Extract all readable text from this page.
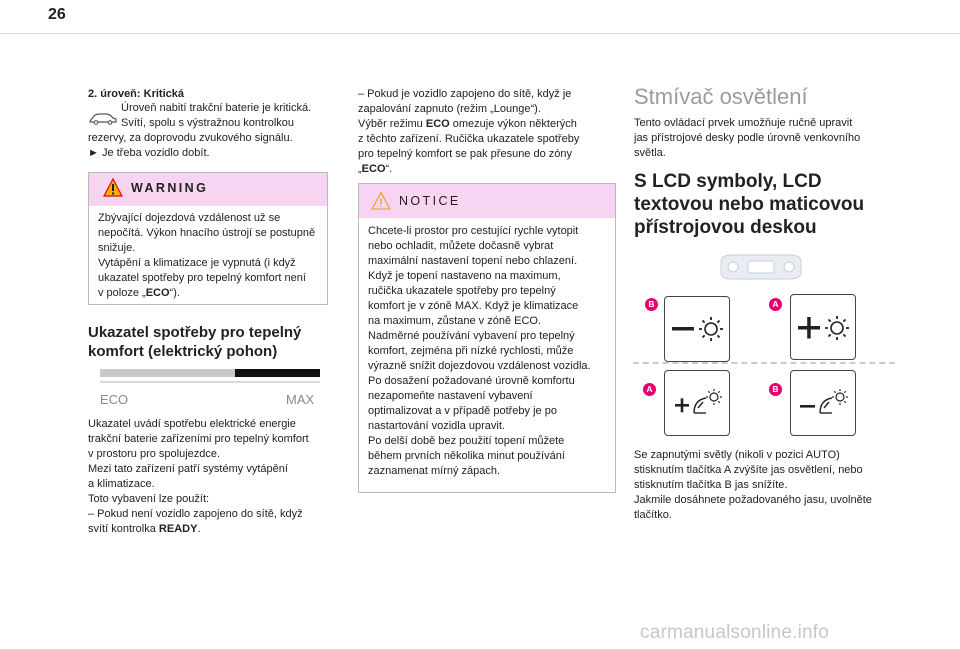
26
2. úroveň: Kritická
Úroveň nabití trakční baterie je kritická.
Svítí, spolu s výstražnou kontrolkou
rezervy, za doprovodu zvukového signálu.
► Je třeba vozidlo dobít.
WARNING
Zbývající dojezdová vzdálenost už se
nepočítá. Výkon hnacího ústrojí se postupně
snižuje.
Vytápění a klimatizace je vypnutá (i když
ukazatel spotřeby pro tepelný komfort není
v poloze „ECO“).
Ukazatel spotřeby pro tepelný
komfort (elektrický pohon)
ECO	MAX
Ukazatel uvádí spotřebu elektrické energie
trakční baterie zařízeními pro tepelný komfort
v prostoru pro spolujezdce.
Mezi tato zařízení patří systémy vytápění
a klimatizace.
Toto vybavení lze použít:
– Pokud není vozidlo zapojeno do sítě, když
svítí kontrolka READY.
– Pokud je vozidlo zapojeno do sítě, když je
zapalování zapnuto (režim „Lounge“).
Výběr režimu ECO omezuje výkon některých
z těchto zařízení. Ručička ukazatele spotřeby
pro tepelný komfort se pak přesune do zóny
„ECO“.
NOTICE
Chcete-li prostor pro cestující rychle vytopit
nebo ochladit, můžete dočasně vybrat
maximální nastavení topení nebo chlazení.
Když je topení nastaveno na maximum,
ručička ukazatele spotřeby pro tepelný
komfort je v zóně MAX. Když je klimatizace
na maximum, zůstane v zóně ECO.
Nadměrné používání vybavení pro tepelný
komfort, zejména při nízké rychlosti, může
výrazně snížit dojezdovou vzdálenost vozidla.
Po dosažení požadované úrovně komfortu
nezapomeňte nastavení vybavení
optimalizovat a v případě potřeby je po
nastartování vozidla upravit.
Po delší době bez použití topení můžete
během prvních několika minut používání
zaznamenat mírný zápach.
Stmívač osvětlení
Tento ovládací prvek umožňuje ručně upravit
jas přístrojové desky podle úrovně venkovního
světla.
S LCD symboly, LCD
textovou nebo maticovou
přístrojovou deskou
B	A
A	B
Se zapnutými světly (nikoli v pozici AUTO)
stisknutím tlačítka A zvýšíte jas osvětlení, nebo
stisknutím tlačítka B jas snížíte.
Jakmile dosáhnete požadovaného jasu, uvolněte
tlačítko.
carmanualsonline.info
